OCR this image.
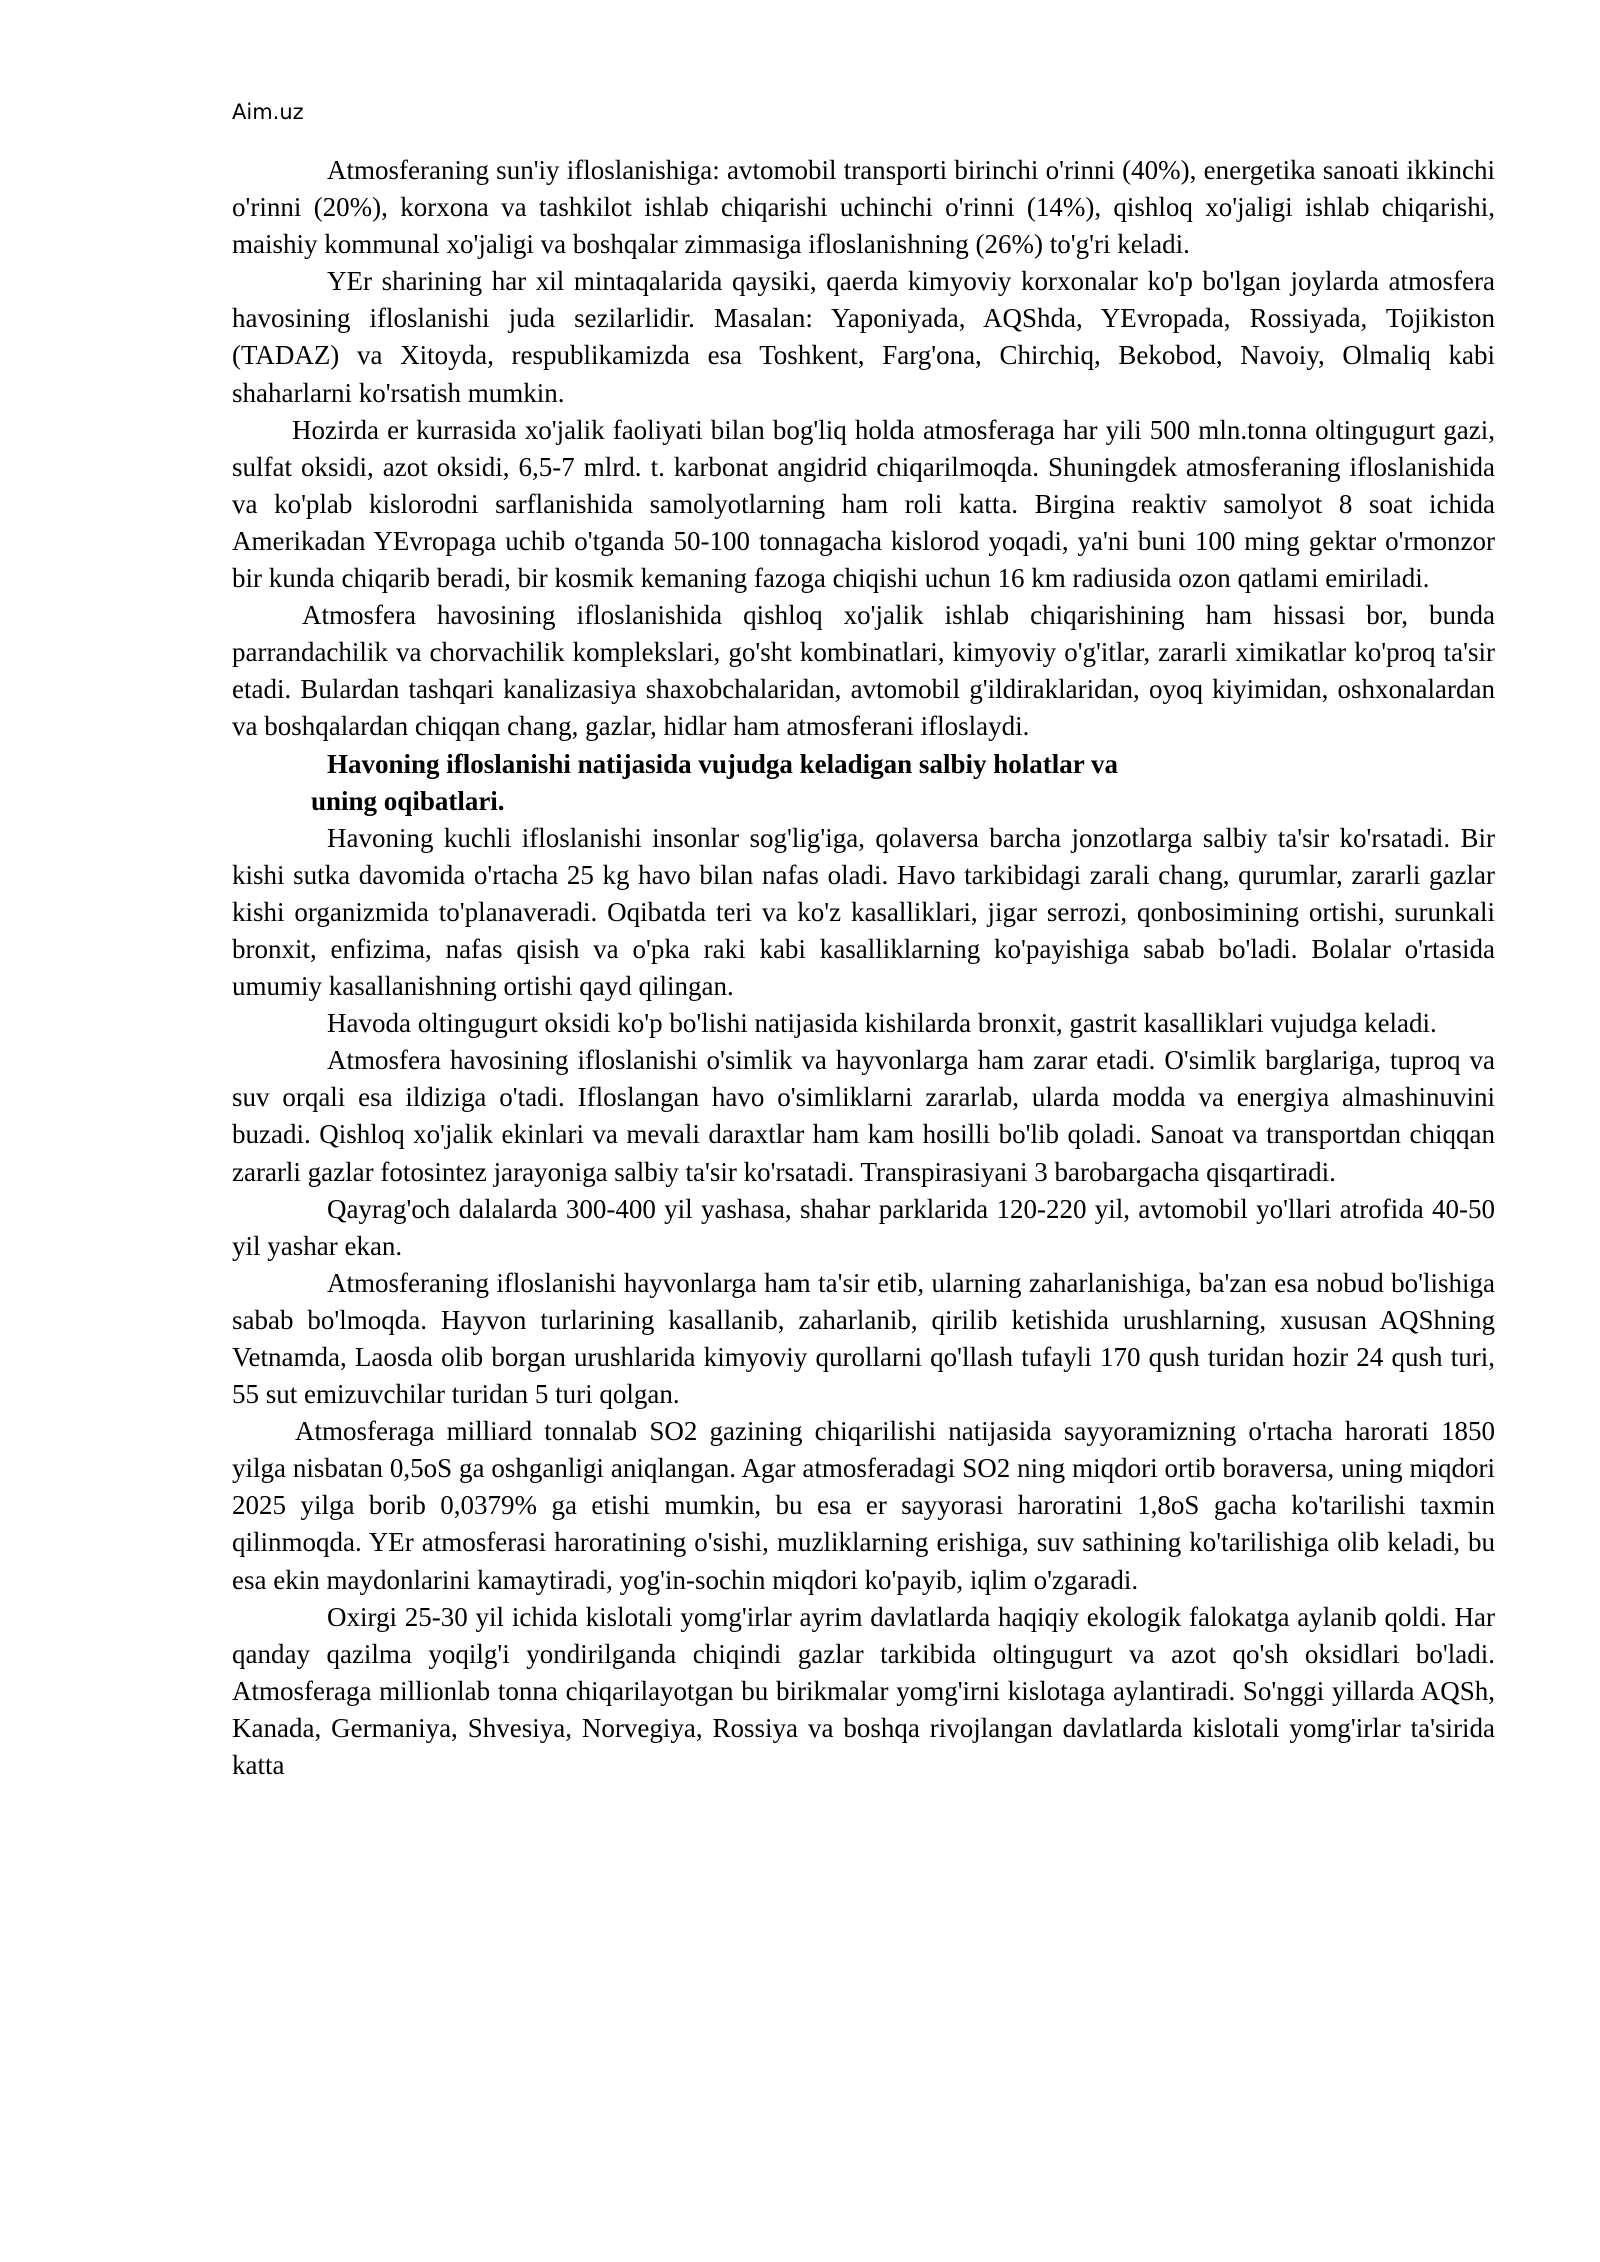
Aim.uz

Atmosferaning sun'iy ifloslanishiga: avtomobil transporti birinchi o'rinni (40%), energetika sanoati ikkinchi o'rinni (20%), korxona va tashkilot ishlab chiqarishi uchinchi o'rinni (14%), qishloq xo'jaligi ishlab chiqarishi, maishiy kommunal xo'jaligi va boshqalar zimmasiga ifloslanishning (26%) to'g'ri keladi.

YEr sharining har xil mintaqalarida qaysiki, qaerda kimyoviy korxonalar ko'p bo'lgan joylarda atmosfera havosining ifloslanishi juda sezilarlidir. Masalan: Yaponiyada, AQShda, YEvropada, Rossiyada, Tojikiston (TADAZ) va Xitoyda, respublikamizda esa Toshkent, Farg'ona, Chirchiq, Bekobod, Navoiy, Olmaliq kabi shaharlarni ko'rsatish mumkin.

Hozirda er kurrasida xo'jalik faoliyati bilan bog'liq holda atmosferaga har yili 500 mln.tonna oltingugurt gazi, sulfat oksidi, azot oksidi, 6,5-7 mlrd. t. karbonat angidrid chiqarilmoqda. Shuningdek atmosferaning ifloslanishida va ko'plab kislorodni sarflanishida samolyotlarning ham roli katta. Birgina reaktiv samolyot 8 soat ichida Amerikadan YEvropaga uchib o'tganda 50-100 tonnagacha kislorod yoqadi, ya'ni buni 100 ming gektar o'rmonzor bir kunda chiqarib beradi, bir kosmik kemaning fazoga chiqishi uchun 16 km radiusida ozon qatlami emiriladi.

Atmosfera havosining ifloslanishida qishloq xo'jalik ishlab chiqarishining ham hissasi bor, bunda parrandachilik va chorvachilik komplekslari, go'sht kombinatlari, kimyoviy o'g'itlar, zararli ximikatlar ko'proq ta'sir etadi. Bulardan tashqari kanalizasiya shaxobchalaridan, avtomobil g'ildiraklaridan, oyoq kiyimidan, oshxonalardan va boshqalardan chiqqan chang, gazlar, hidlar ham atmosferani ifloslaydi.

Havoning ifloslanishi natijasida vujudga keladigan salbiy holatlar va
uning oqibatlari.

Havoning kuchli ifloslanishi insonlar sog'lig'iga, qolaversa barcha jonzotlarga salbiy ta'sir ko'rsatadi. Bir kishi sutka davomida o'rtacha 25 kg havo bilan nafas oladi. Havo tarkibidagi zarali chang, qurumlar, zararli gazlar kishi organizmida to'planaveradi. Oqibatda teri va ko'z kasalliklari, jigar serrozi, qonbosimining ortishi, surunkali bronxit, enfizima, nafas qisish va o'pka raki kabi kasalliklarning ko'payishiga sabab bo'ladi. Bolalar o'rtasida umumiy kasallanishning ortishi qayd qilingan.

Havoda oltingugurt oksidi ko'p bo'lishi natijasida kishilarda bronxit, gastrit kasalliklari vujudga keladi.

Atmosfera havosining ifloslanishi o'simlik va hayvonlarga ham zarar etadi. O'simlik barglariga, tuproq va suv orqali esa ildiziga o'tadi. Ifloslangan havo o'simliklarni zararlab, ularda modda va energiya almashinuvini buzadi. Qishloq xo'jalik ekinlari va mevali daraxtlar ham kam hosilli bo'lib qoladi. Sanoat va transportdan chiqqan zararli gazlar fotosintez jarayoniga salbiy ta'sir ko'rsatadi. Transpirasiyani 3 barobargacha qisqartiradi.

Qayrag'och dalalarda 300-400 yil yashasa, shahar parklarida 120-220 yil, avtomobil yo'llari atrofida 40-50 yil yashar ekan.

Atmosferaning ifloslanishi hayvonlarga ham ta'sir etib, ularning zaharlanishiga, ba'zan esa nobud bo'lishiga sabab bo'lmoqda. Hayvon turlarining kasallanib, zaharlanib, qirilib ketishida urushlarning, xususan AQShning Vetnamda, Laosda olib borgan urushlarida kimyoviy qurollarni qo'llash tufayli 170 qush turidan hozir 24 qush turi, 55 sut emizuvchilar turidan 5 turi qolgan.

Atmosferaga milliard tonnalab SO2 gazining chiqarilishi natijasida sayyoramizning o'rtacha harorati 1850 yilga nisbatan 0,5oS ga oshganligi aniqlangan. Agar atmosferadagi SO2 ning miqdori ortib boraversa, uning miqdori 2025 yilga borib 0,0379% ga etishi mumkin, bu esa er sayyorasi haroratini 1,8oS gacha ko'tarilishi taxmin qilinmoqda. YEr atmosferasi haroratining o'sishi, muzliklarning erishiga, suv sathining ko'tarilishiga olib keladi, bu esa ekin maydonlarini kamaytiradi, yog'in-sochin miqdori ko'payib, iqlim o'zgaradi.

Oxirgi 25-30 yil ichida kislotali yomg'irlar ayrim davlatlarda haqiqiy ekologik falokatga aylanib qoldi. Har qanday qazilma yoqilg'i yondirilganda chiqindi gazlar tarkibida oltingugurt va azot qo'sh oksidlari bo'ladi. Atmosferaga millionlab tonna chiqarilayotgan bu birikmalar yomg'irni kislotaga aylantiradi. So'nggi yillarda AQSh, Kanada, Germaniya, Shvesiya, Norvegiya, Rossiya va boshqa rivojlangan davlatlarda kislotali yomg'irlar ta'sirida katta
